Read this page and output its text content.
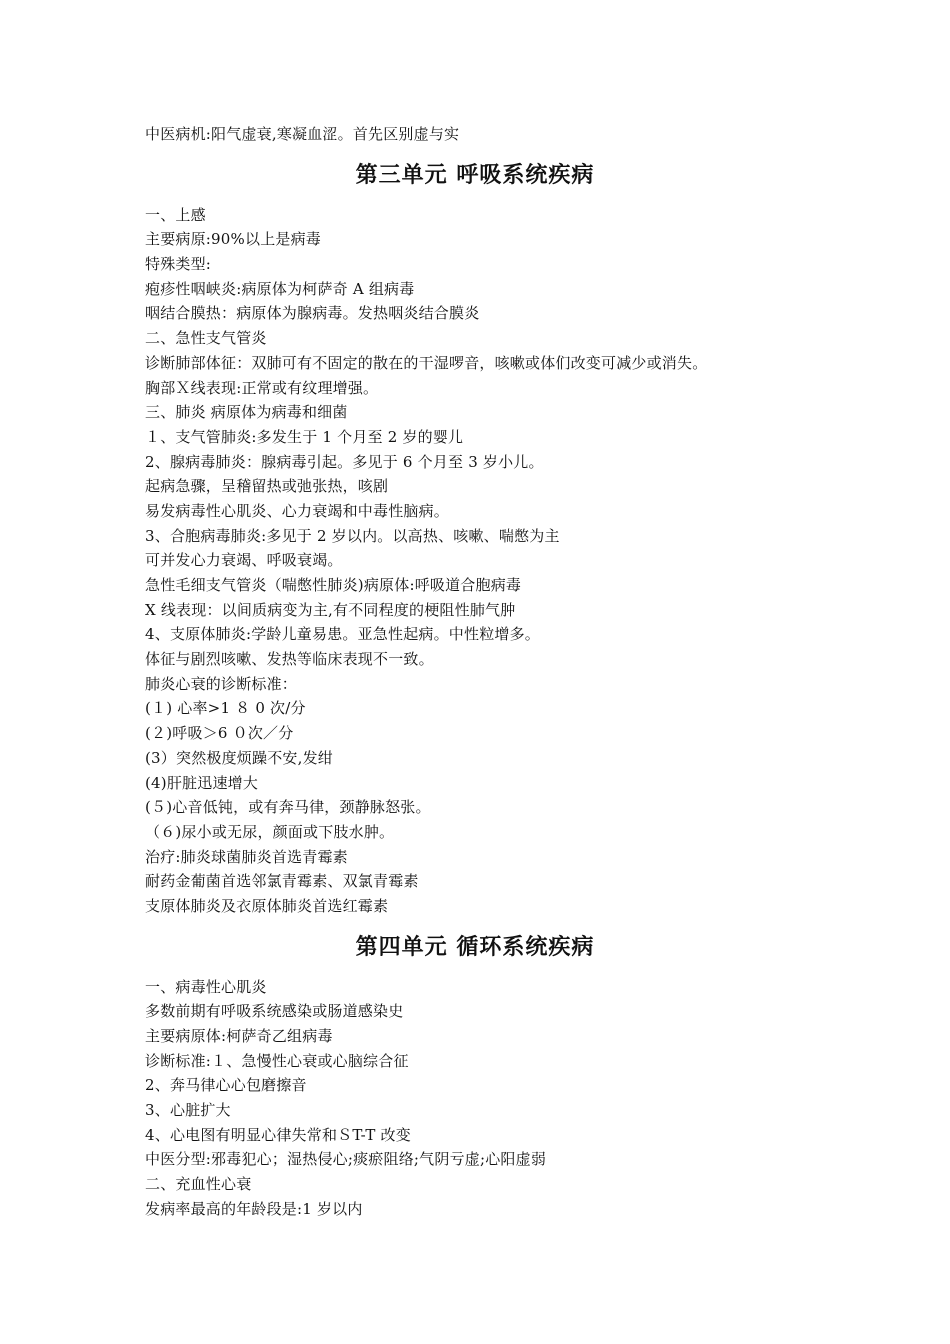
中医病机:阳气虚衰,寒凝血涩。首先区别虚与实
第三单元 呼吸系统疾病
一、上感
主要病原:90%以上是病毒
特殊类型:
疱疹性咽峡炎:病原体为柯萨奇 A 组病毒
咽结合膜热：病原体为腺病毒。发热咽炎结合膜炎
二、急性支气管炎
诊断肺部体征：双肺可有不固定的散在的干湿啰音，咳嗽或体们改变可减少或消失。
胸部Ｘ线表现:正常或有纹理增强。
三、肺炎 病原体为病毒和细菌
１、支气管肺炎:多发生于 1 个月至 2 岁的婴儿
2、腺病毒肺炎：腺病毒引起。多见于 6 个月至 3 岁小儿。
起病急骤，呈稽留热或弛张热，咳剧
易发病毒性心肌炎、心力衰竭和中毒性脑病。
3、合胞病毒肺炎:多见于 2 岁以内。以高热、咳嗽、喘憋为主
可并发心力衰竭、呼吸衰竭。
急性毛细支气管炎（喘憋性肺炎)病原体:呼吸道合胞病毒
X 线表现：以间质病变为主,有不同程度的梗阻性肺气肿
4、支原体肺炎:学龄儿童易患。亚急性起病。中性粒增多。
体征与剧烈咳嗽、发热等临床表现不一致。
肺炎心衰的诊断标准：
(１) 心率>1 ８ 0 次/分
(２)呼吸＞6 ０次／分
(3）突然极度烦躁不安,发绀
(4)肝脏迅速增大
(５)心音低钝，或有奔马律，颈静脉怒张。
（６)尿小或无尿，颜面或下肢水肿。
治疗:肺炎球菌肺炎首选青霉素
耐药金葡菌首选邻氯青霉素、双氯青霉素
支原体肺炎及衣原体肺炎首选红霉素
第四单元 循环系统疾病
一、病毒性心肌炎
多数前期有呼吸系统感染或肠道感染史
主要病原体:柯萨奇乙组病毒
诊断标准:１、急慢性心衰或心脑综合征
2、奔马律心心包磨擦音
3、心脏扩大
4、心电图有明显心律失常和ＳT-T 改变
中医分型:邪毒犯心；湿热侵心;痰瘀阻络;气阴亏虚;心阳虚弱
二、充血性心衰
发病率最高的年龄段是:1 岁以内
